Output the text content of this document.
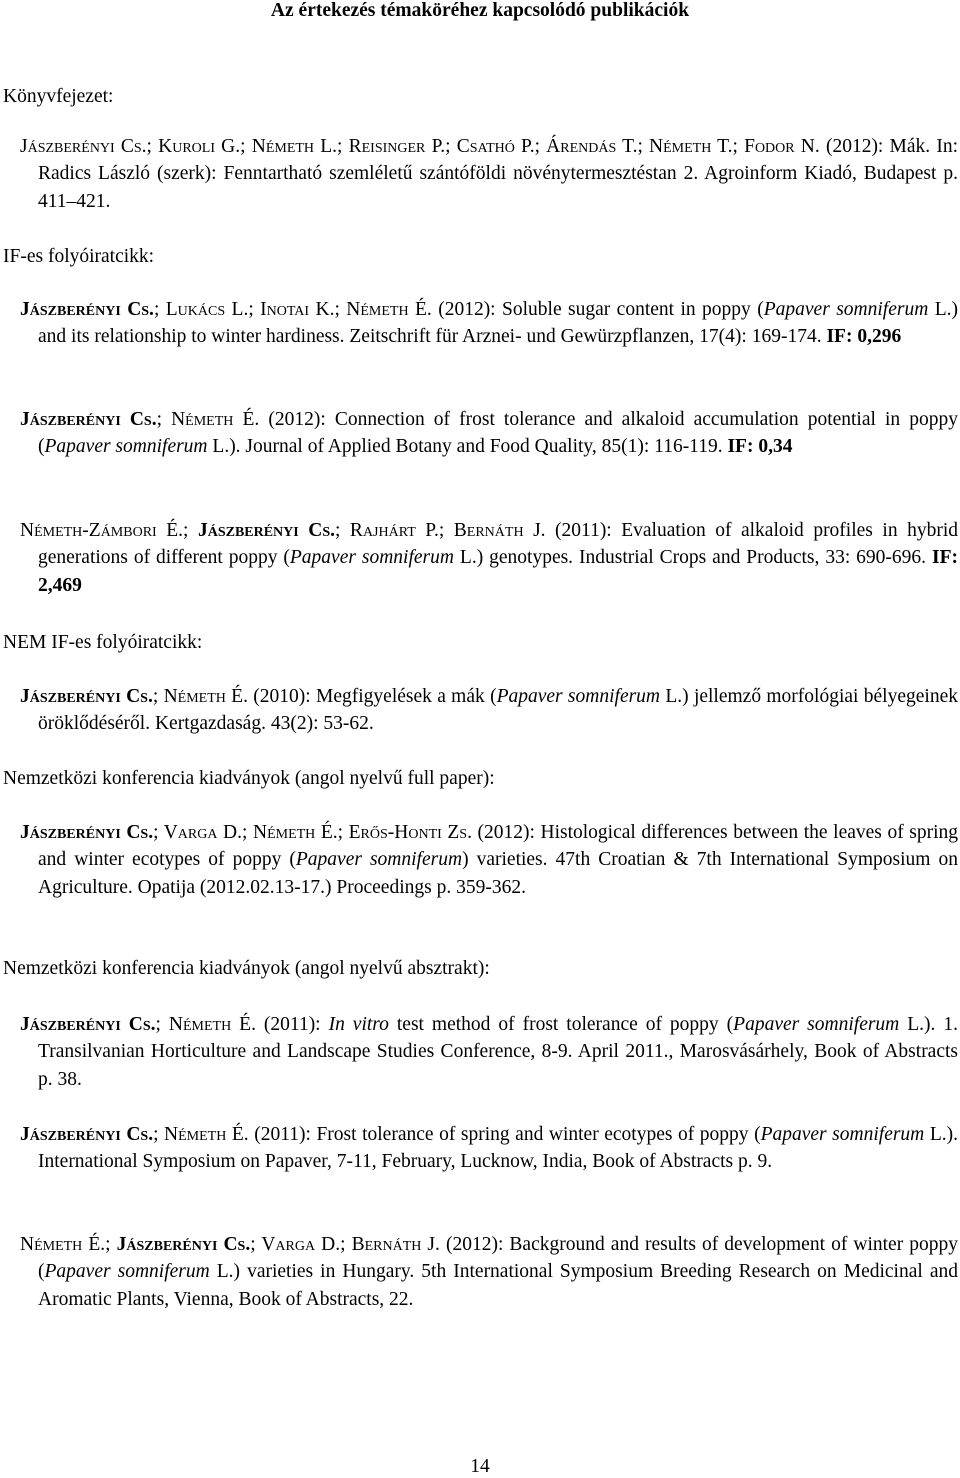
Az értekezés témaköréhez kapcsolódó publikációk
Könyvfejezet:
Jászberényi Cs.; Kuroli G.; Németh L.; Reisinger P.; Csathó P.; Árendás T.; Németh T.; Fodor N. (2012): Mák. In: Radics László (szerk): Fenntartható szemléletű szántóföldi növénytermesztéstan 2. Agroinform Kiadó, Budapest p. 411–421.
IF-es folyóiratcikk:
Jászberényi Cs.; Lukács L.; Inotai K.; Németh É. (2012): Soluble sugar content in poppy (Papaver somniferum L.) and its relationship to winter hardiness. Zeitschrift für Arznei- und Gewürzpflanzen, 17(4): 169-174. IF: 0,296
Jászberényi Cs.; Németh É. (2012): Connection of frost tolerance and alkaloid accumulation potential in poppy (Papaver somniferum L.). Journal of Applied Botany and Food Quality, 85(1): 116-119. IF: 0,34
Németh-Zámbori É.; Jászberényi Cs.; Rajhárt P.; Bernáth J. (2011): Evaluation of alkaloid profiles in hybrid generations of different poppy (Papaver somniferum L.) genotypes. Industrial Crops and Products, 33: 690-696. IF: 2,469
NEM IF-es folyóiratcikk:
Jászberényi Cs.; Németh É. (2010): Megfigyelések a mák (Papaver somniferum L.) jellemző morfológiai bélyegeinek öröklődéséről. Kertgazdaság. 43(2): 53-62.
Nemzetközi konferencia kiadványok (angol nyelvű full paper):
Jászberényi Cs.; Varga D.; Németh É.; Erős-Honti Zs. (2012): Histological differences between the leaves of spring and winter ecotypes of poppy (Papaver somniferum) varieties. 47th Croatian & 7th International Symposium on Agriculture. Opatija (2012.02.13-17.) Proceedings p. 359-362.
Nemzetközi konferencia kiadványok (angol nyelvű absztrakt):
Jászberényi Cs.; Németh É. (2011): In vitro test method of frost tolerance of poppy (Papaver somniferum L.). 1. Transilvanian Horticulture and Landscape Studies Conference, 8-9. April 2011., Marosvásárhely, Book of Abstracts p. 38.
Jászberényi Cs.; Németh É. (2011): Frost tolerance of spring and winter ecotypes of poppy (Papaver somniferum L.). International Symposium on Papaver, 7-11, February, Lucknow, India, Book of Abstracts p. 9.
Németh É.; Jászberényi Cs.; Varga D.; Bernáth J. (2012): Background and results of development of winter poppy (Papaver somniferum L.) varieties in Hungary. 5th International Symposium Breeding Research on Medicinal and Aromatic Plants, Vienna, Book of Abstracts, 22.
14
